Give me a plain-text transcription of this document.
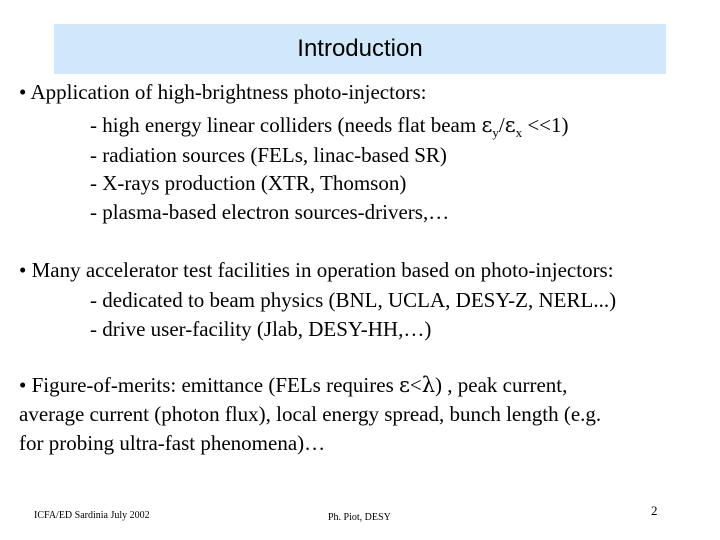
Introduction
• Application of high-brightness photo-injectors:
- high energy linear colliders (needs flat beam $\varepsilon_y/\varepsilon_x <<1$)
- radiation sources (FELs, linac-based SR)
- X-rays production (XTR, Thomson)
- plasma-based electron sources-drivers,…
• Many accelerator test facilities in operation based on photo-injectors:
- dedicated to beam physics (BNL, UCLA, DESY-Z, NERL...)
- drive user-facility (Jlab, DESY-HH,…)
• Figure-of-merits: emittance (FELs requires ε<λ) , peak current,
average current (photon flux), local energy spread, bunch length (e.g.
for probing ultra-fast phenomena)…
ICFA/ED Sardinia July 2002	Ph. Piot, DESY	2
